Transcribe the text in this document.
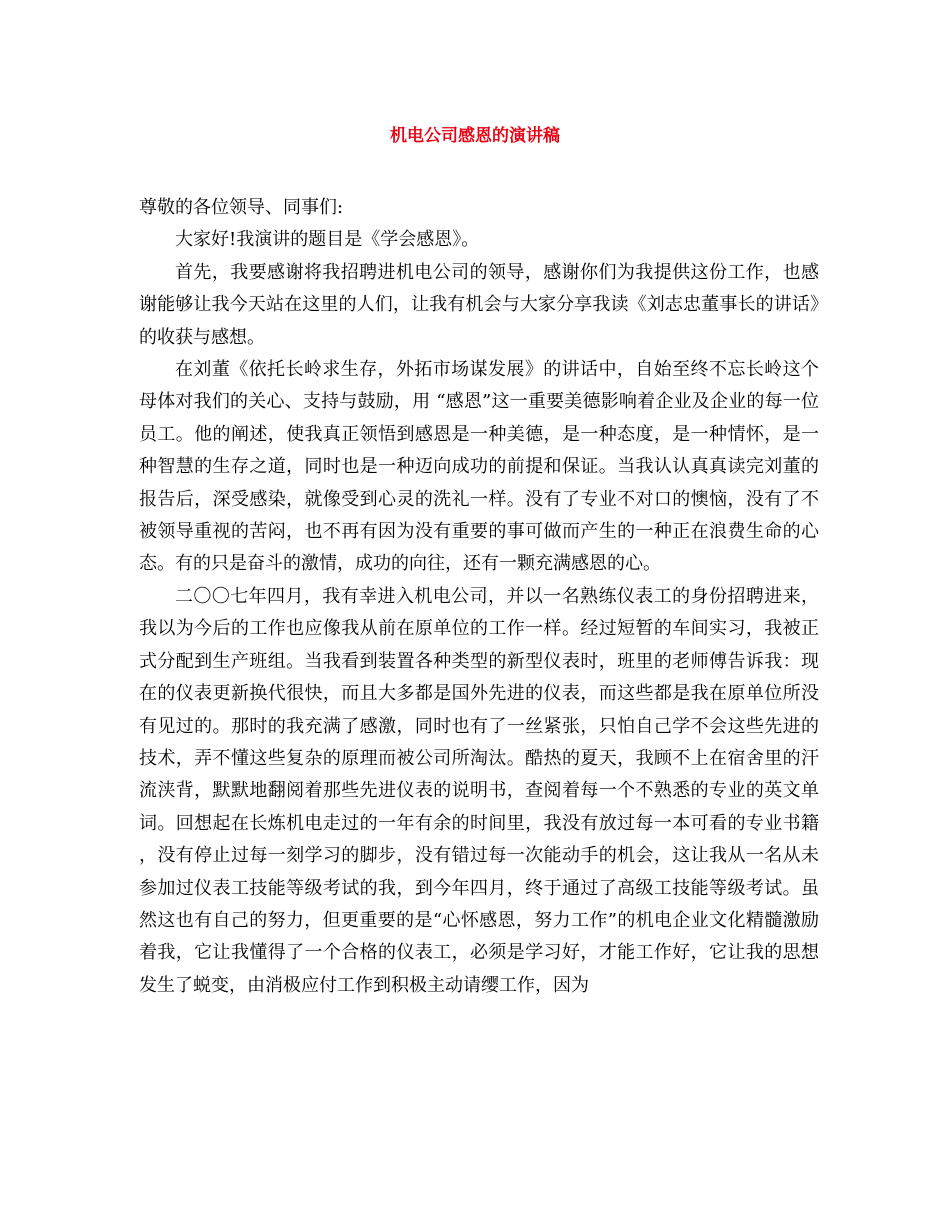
机电公司感恩的演讲稿

尊敬的各位领导、同事们:

大家好!我演讲的题目是《学会感恩》。

首先，我要感谢将我招聘进机电公司的领导，感谢你们为我提供这份工作，也感谢能够让我今天站在这里的人们，让我有机会与大家分享我读《刘志忠董事长的讲话》的收获与感想。

在刘董《依托长岭求生存，外拓市场谋发展》的讲话中，自始至终不忘长岭这个母体对我们的关心、支持与鼓励，用 “感恩”这一重要美德影响着企业及企业的每一位员工。他的阐述，使我真正领悟到感恩是一种美德，是一种态度，是一种情怀，是一种智慧的生存之道，同时也是一种迈向成功的前提和保证。当我认认真真读完刘董的报告后，深受感染，就像受到心灵的洗礼一样。没有了专业不对口的懊恼，没有了不被领导重视的苦闷，也不再有因为没有重要的事可做而产生的一种正在浪费生命的心态。有的只是奋斗的激情，成功的向往，还有一颗充满感恩的心。

二〇〇七年四月，我有幸进入机电公司，并以一名熟练仪表工的身份招聘进来，我以为今后的工作也应像我从前在原单位的工作一样。经过短暂的车间实习，我被正式分配到生产班组。当我看到装置各种类型的新型仪表时，班里的老师傅告诉我：现在的仪表更新换代很快，而且大多都是国外先进的仪表，而这些都是我在原单位所没有见过的。那时的我充满了感激，同时也有了一丝紧张，只怕自己学不会这些先进的技术，弄不懂这些复杂的原理而被公司所淘汰。酷热的夏天，我顾不上在宿舍里的汗流浃背，默默地翻阅着那些先进仪表的说明书，查阅着每一个不熟悉的专业的英文单词。回想起在长炼机电走过的一年有余的时间里，我没有放过每一本可看的专业书籍，没有停止过每一刻学习的脚步，没有错过每一次能动手的机会，这让我从一名从未参加过仪表工技能等级考试的我，到今年四月，终于通过了高级工技能等级考试。虽然这也有自己的努力，但更重要的是“心怀感恩，努力工作”的机电企业文化精髓激励着我，它让我懂得了一个合格的仪表工，必须是学习好，才能工作好，它让我的思想发生了蜕变，由消极应付工作到积极主动请缨工作，因为
